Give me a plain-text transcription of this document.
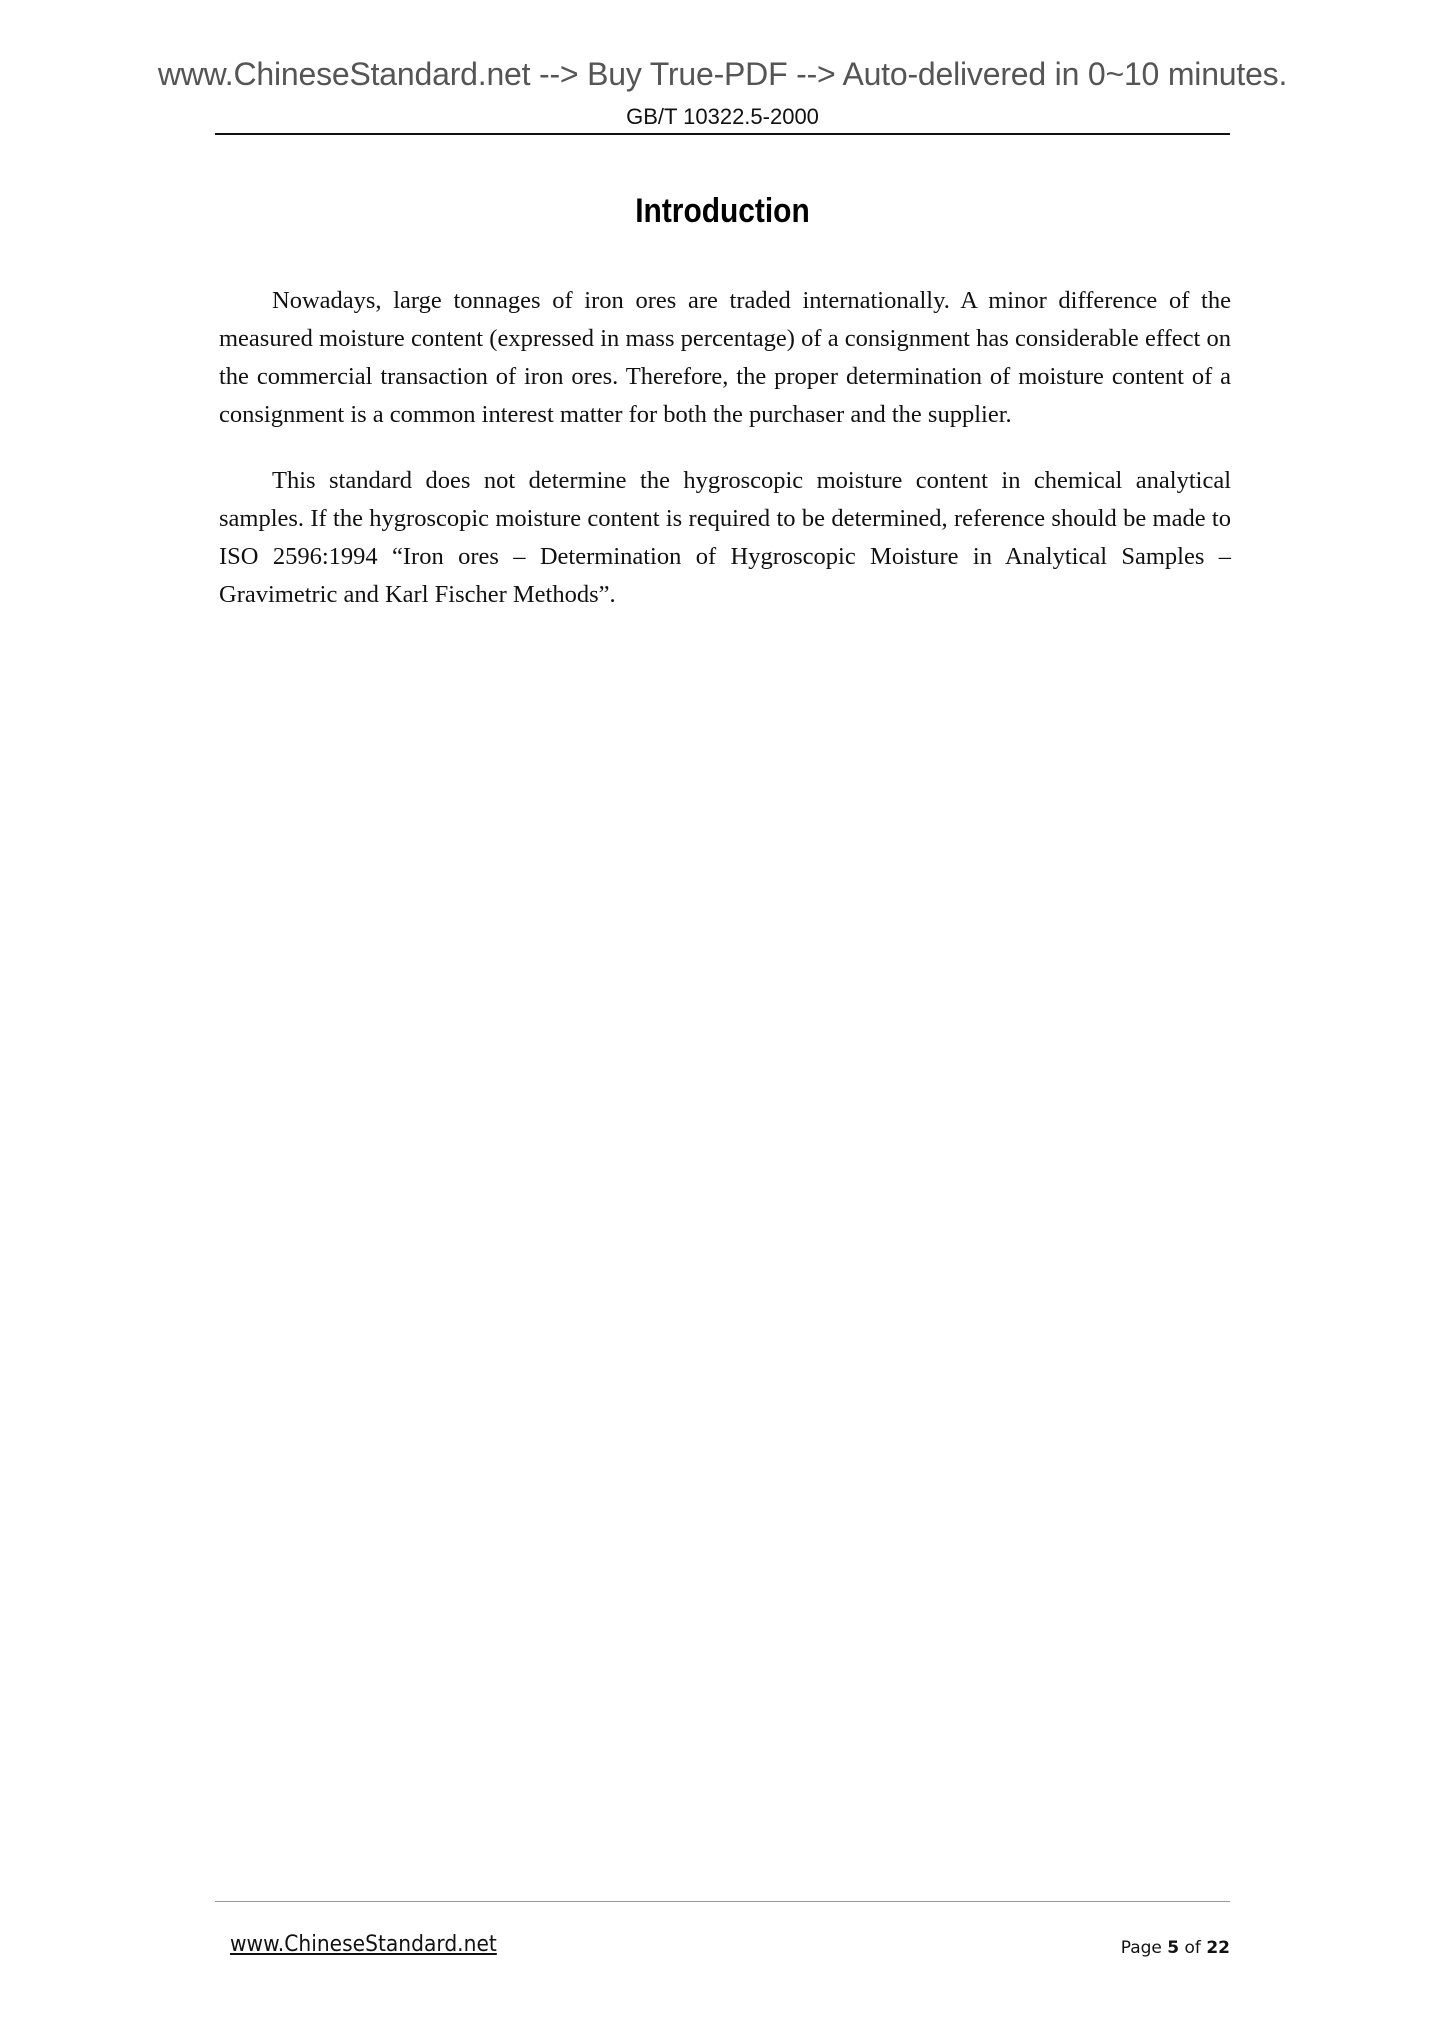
www.ChineseStandard.net --> Buy True-PDF --> Auto-delivered in 0~10 minutes.
GB/T 10322.5-2000
Introduction

Nowadays, large tonnages of iron ores are traded internationally. A minor difference of the measured moisture content (expressed in mass percentage) of a consignment has considerable effect on the commercial transaction of iron ores. Therefore, the proper determination of moisture content of a consignment is a common interest matter for both the purchaser and the supplier.

This standard does not determine the hygroscopic moisture content in chemical analytical samples. If the hygroscopic moisture content is required to be determined, reference should be made to ISO 2596:1994 “Iron ores – Determination of Hygroscopic Moisture in Analytical Samples – Gravimetric and Karl Fischer Methods”.

www.ChineseStandard.net	Page 5 of 22
